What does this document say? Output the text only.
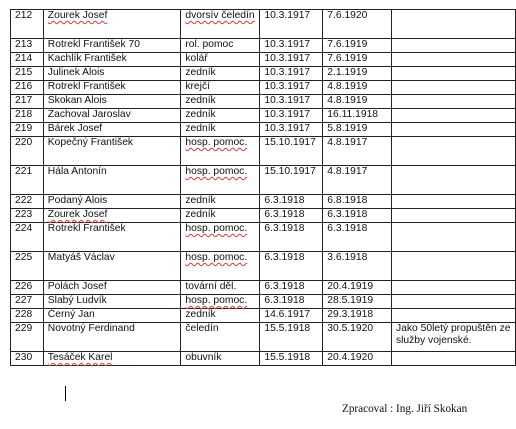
212	Zourek Josef	dvorsív čeledín	10.3.1917	7.6.1920	
213	Rotrekl František 70	rol. pomoc	10.3.1917	7.6.1919	
214	Kachlík František	kolář	10.3.1917	7.6.1919	
215	Julinek Alois	zedník	10.3.1917	2.1.1919	
216	Rotrekl František	krejčí	10.3.1917	4.8.1919	
217	Skokan Alois	zedník	10.3.1917	4.8.1919	
218	Zachoval Jaroslav	zedník	10.3.1917	16.11.1918	
219	Bárek Josef	zedník	10.3.1917	5.8.1919	
220	Kopečný František	hosp. pomoc.	15.10.1917	4.8.1917	
221	Hála Antonín	hosp. pomoc.	15.10.1917	4.8.1917	
222	Podaný Alois	zedník	6.3.1918	6.8.1918	
223	Zourek Josef	zedník	6.3.1918	6.3.1918	
224	Rotrekl František	hosp. pomoc.	6.3.1918	6.3.1918	
225	Matyáš Václav	hosp. pomoc.	6.3.1918	3.6.1918	
226	Polách Josef	tovární děl.	6.3.1918	20.4.1919	
227	Slabý Ludvík	hosp. pomoc.	6.3.1918	28.5.1919	
228	Černý Jan	zedník	14.6.1917	29.3.1918	
229	Novotný Ferdinand	čeledín	15.5.1918	30.5.1920	Jako 50letý propuštěn ze služby vojenské.
230	Tesáček Karel	obuvník	15.5.1918	20.4.1920	
Zpracoval : Ing. Jiří Skokan
